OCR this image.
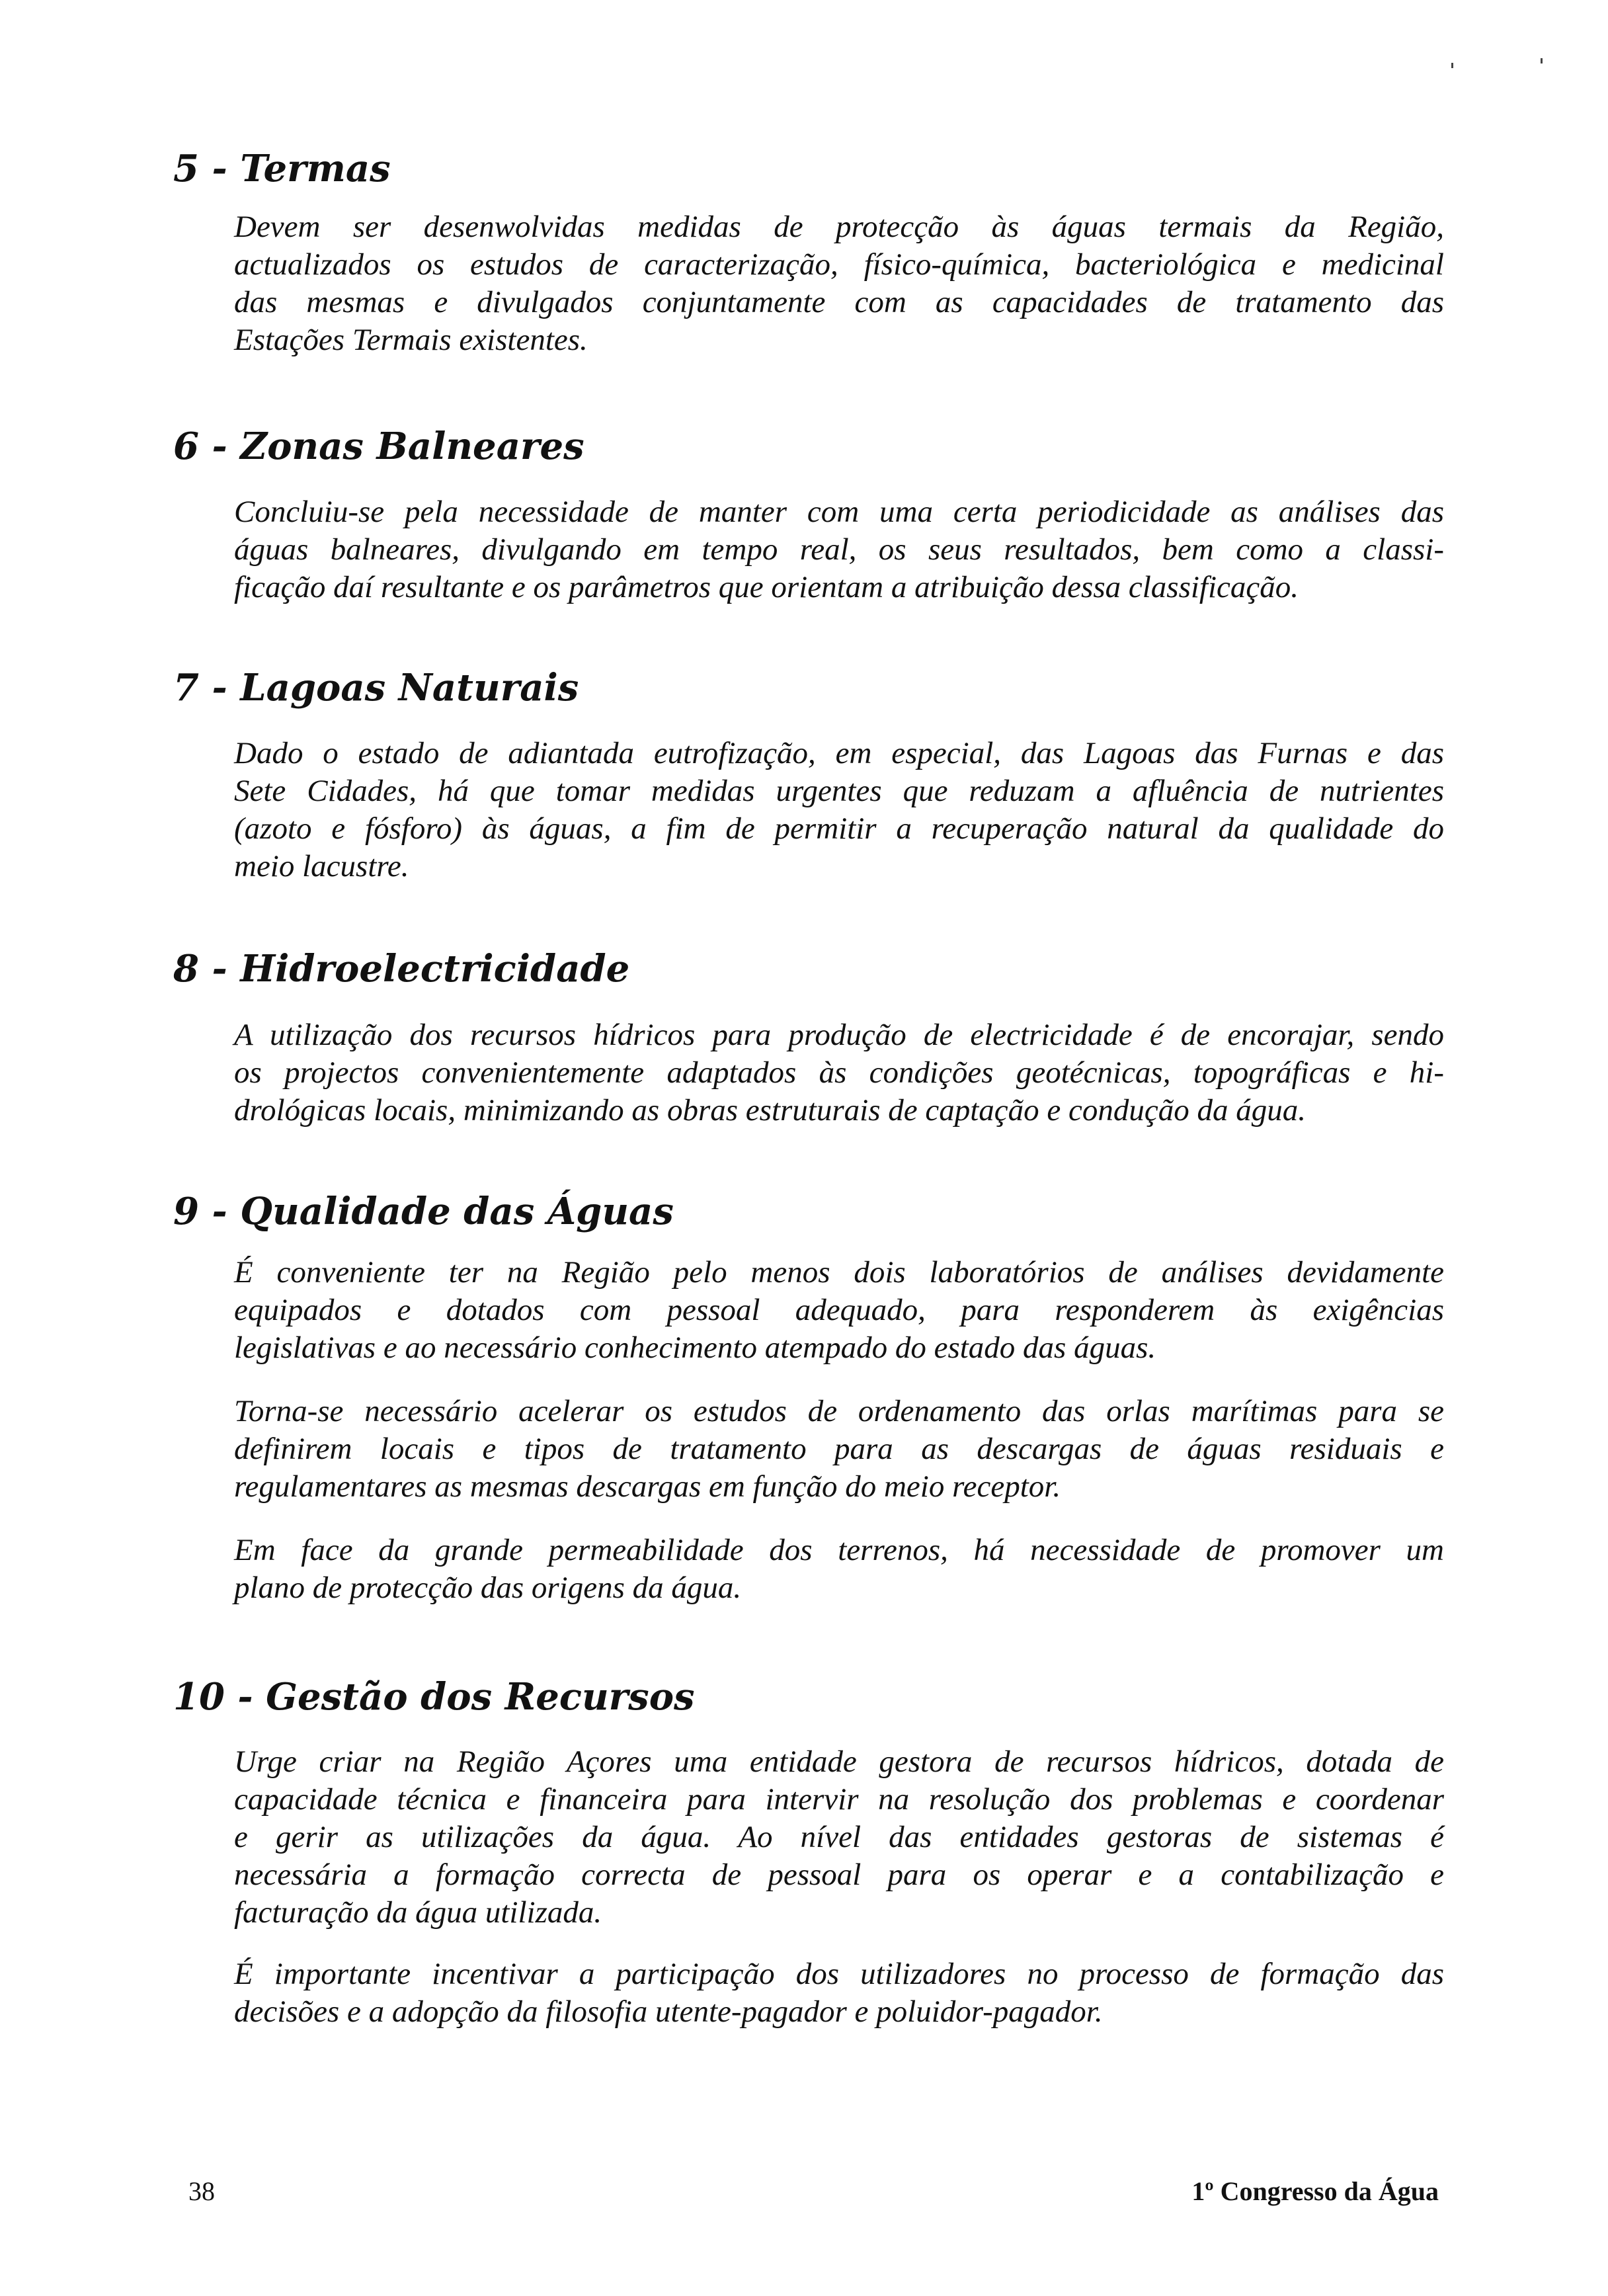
5 - Termas
Devem ser desenwolvidas medidas de protecção às águas termais da Região,
actualizados os estudos de caracterização, físico-química, bacteriológica e medicinal
das mesmas e divulgados conjuntamente com as capacidades de tratamento das
Estações Termais existentes.
6 - Zonas Balneares
Concluiu-se pela necessidade de manter com uma certa periodicidade as análises das
águas balneares, divulgando em tempo real, os seus resultados, bem como a classi-
ficação daí resultante e os parâmetros que orientam a atribuição dessa classificação.
7 - Lagoas Naturais
Dado o estado de adiantada eutrofização, em especial, das Lagoas das Furnas e das
Sete Cidades, há que tomar medidas urgentes que reduzam a afluência de nutrientes
(azoto e fósforo) às águas, a fim de permitir a recuperação natural da qualidade do
meio lacustre.
8 - Hidroelectricidade
A utilização dos recursos hídricos para produção de electricidade é de encorajar, sendo
os projectos convenientemente adaptados às condições geotécnicas, topográficas e hi-
drológicas locais, minimizando as obras estruturais de captação e condução da água.
9 - Qualidade das Águas
É conveniente ter na Região pelo menos dois laboratórios de análises devidamente
equipados e dotados com pessoal adequado, para responderem às exigências
legislativas e ao necessário conhecimento atempado do estado das águas.
Torna-se necessário acelerar os estudos de ordenamento das orlas marítimas para se
definirem locais e tipos de tratamento para as descargas de águas residuais e
regulamentares as mesmas descargas em função do meio receptor.
Em face da grande permeabilidade dos terrenos, há necessidade de promover um
plano de protecção das origens da água.
10 - Gestão dos Recursos
Urge criar na Região Açores uma entidade gestora de recursos hídricos, dotada de
capacidade técnica e financeira para intervir na resolução dos problemas e coordenar
e gerir as utilizações da água. Ao nível das entidades gestoras de sistemas é
necessária a formação correcta de pessoal para os operar e a contabilização e
facturação da água utilizada.
É importante incentivar a participação dos utilizadores no processo de formação das
decisões e a adopção da filosofia utente-pagador e poluidor-pagador.
38	1º Congresso da Água
